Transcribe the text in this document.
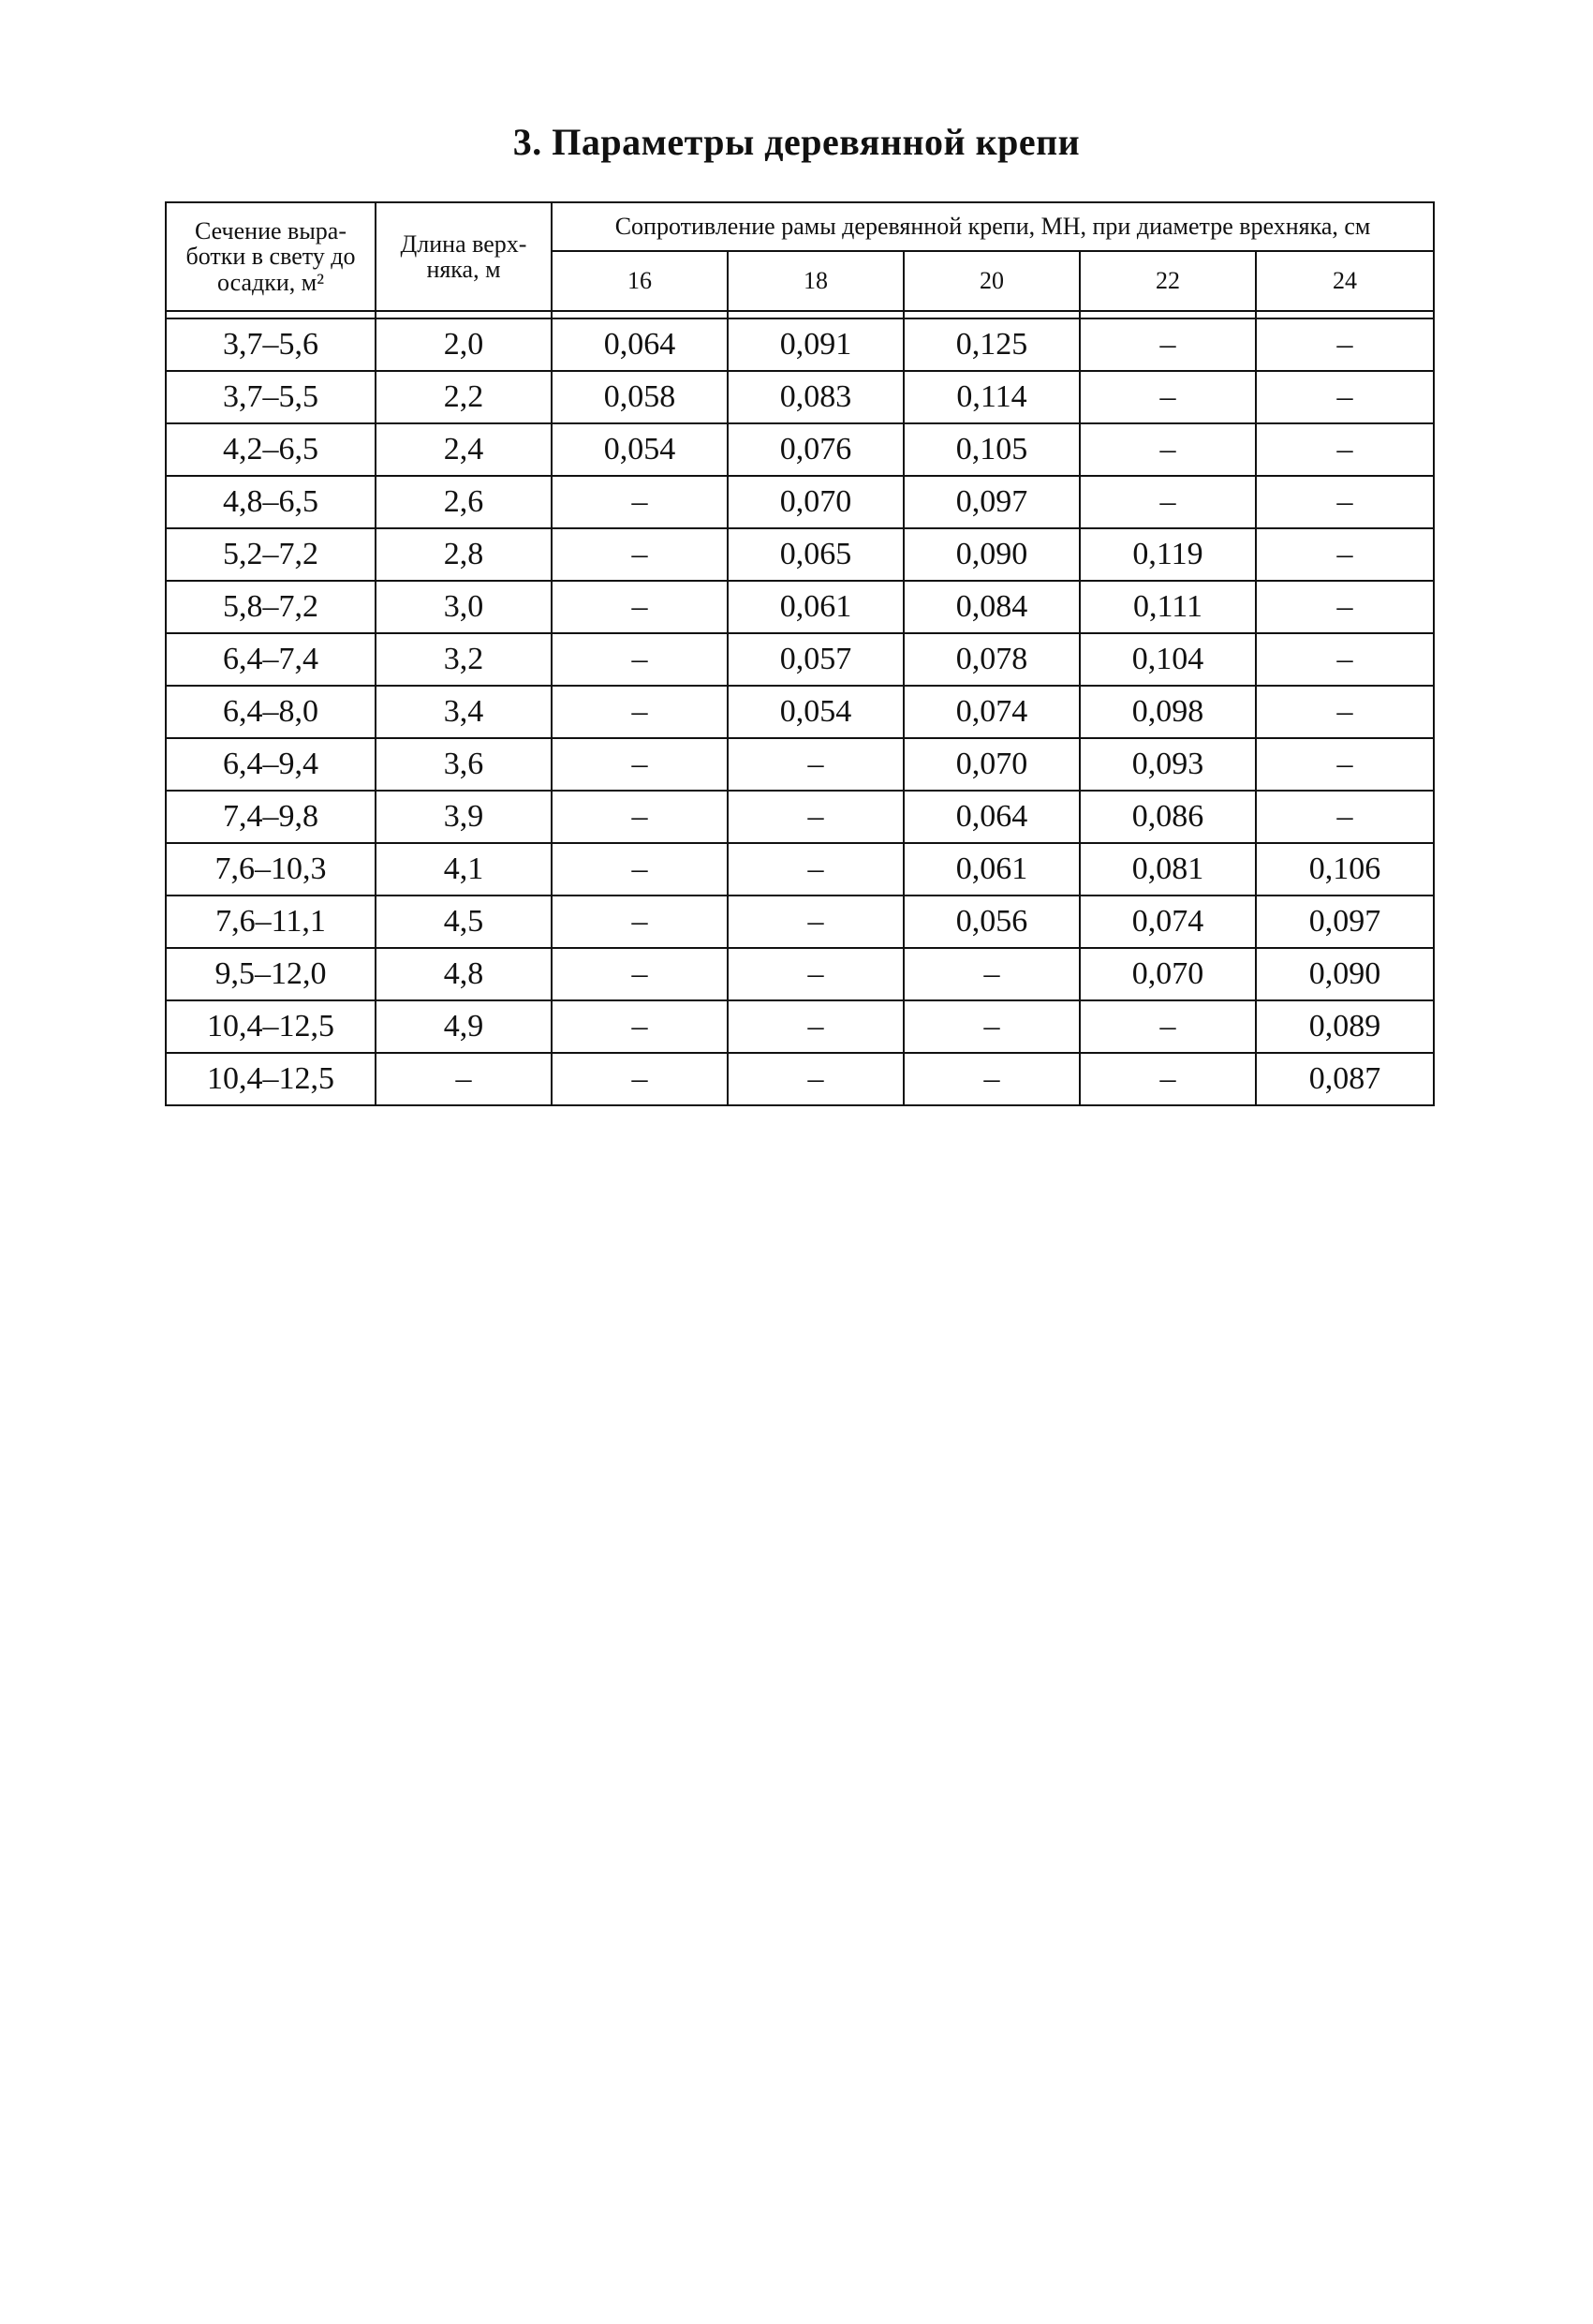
3. Параметры деревянной крепи
Сечение выра-ботки в свету до осадки, м²	Длина верх-няка, м	Сопротивление рамы деревянной крепи, МН, при диаметре врехняка, см				
		16	18	20	22	24

3,7–5,6	2,0	0,064	0,091	0,125	–	–
3,7–5,5	2,2	0,058	0,083	0,114	–	–
4,2–6,5	2,4	0,054	0,076	0,105	–	–
4,8–6,5	2,6	–	0,070	0,097	–	–
5,2–7,2	2,8	–	0,065	0,090	0,119	–
5,8–7,2	3,0	–	0,061	0,084	0,111	–
6,4–7,4	3,2	–	0,057	0,078	0,104	–
6,4–8,0	3,4	–	0,054	0,074	0,098	–
6,4–9,4	3,6	–	–	0,070	0,093	–
7,4–9,8	3,9	–	–	0,064	0,086	–
7,6–10,3	4,1	–	–	0,061	0,081	0,106
7,6–11,1	4,5	–	–	0,056	0,074	0,097
9,5–12,0	4,8	–	–	–	0,070	0,090
10,4–12,5	4,9	–	–	–	–	0,089
10,4–12,5	–	–	–	–	–	0,087
